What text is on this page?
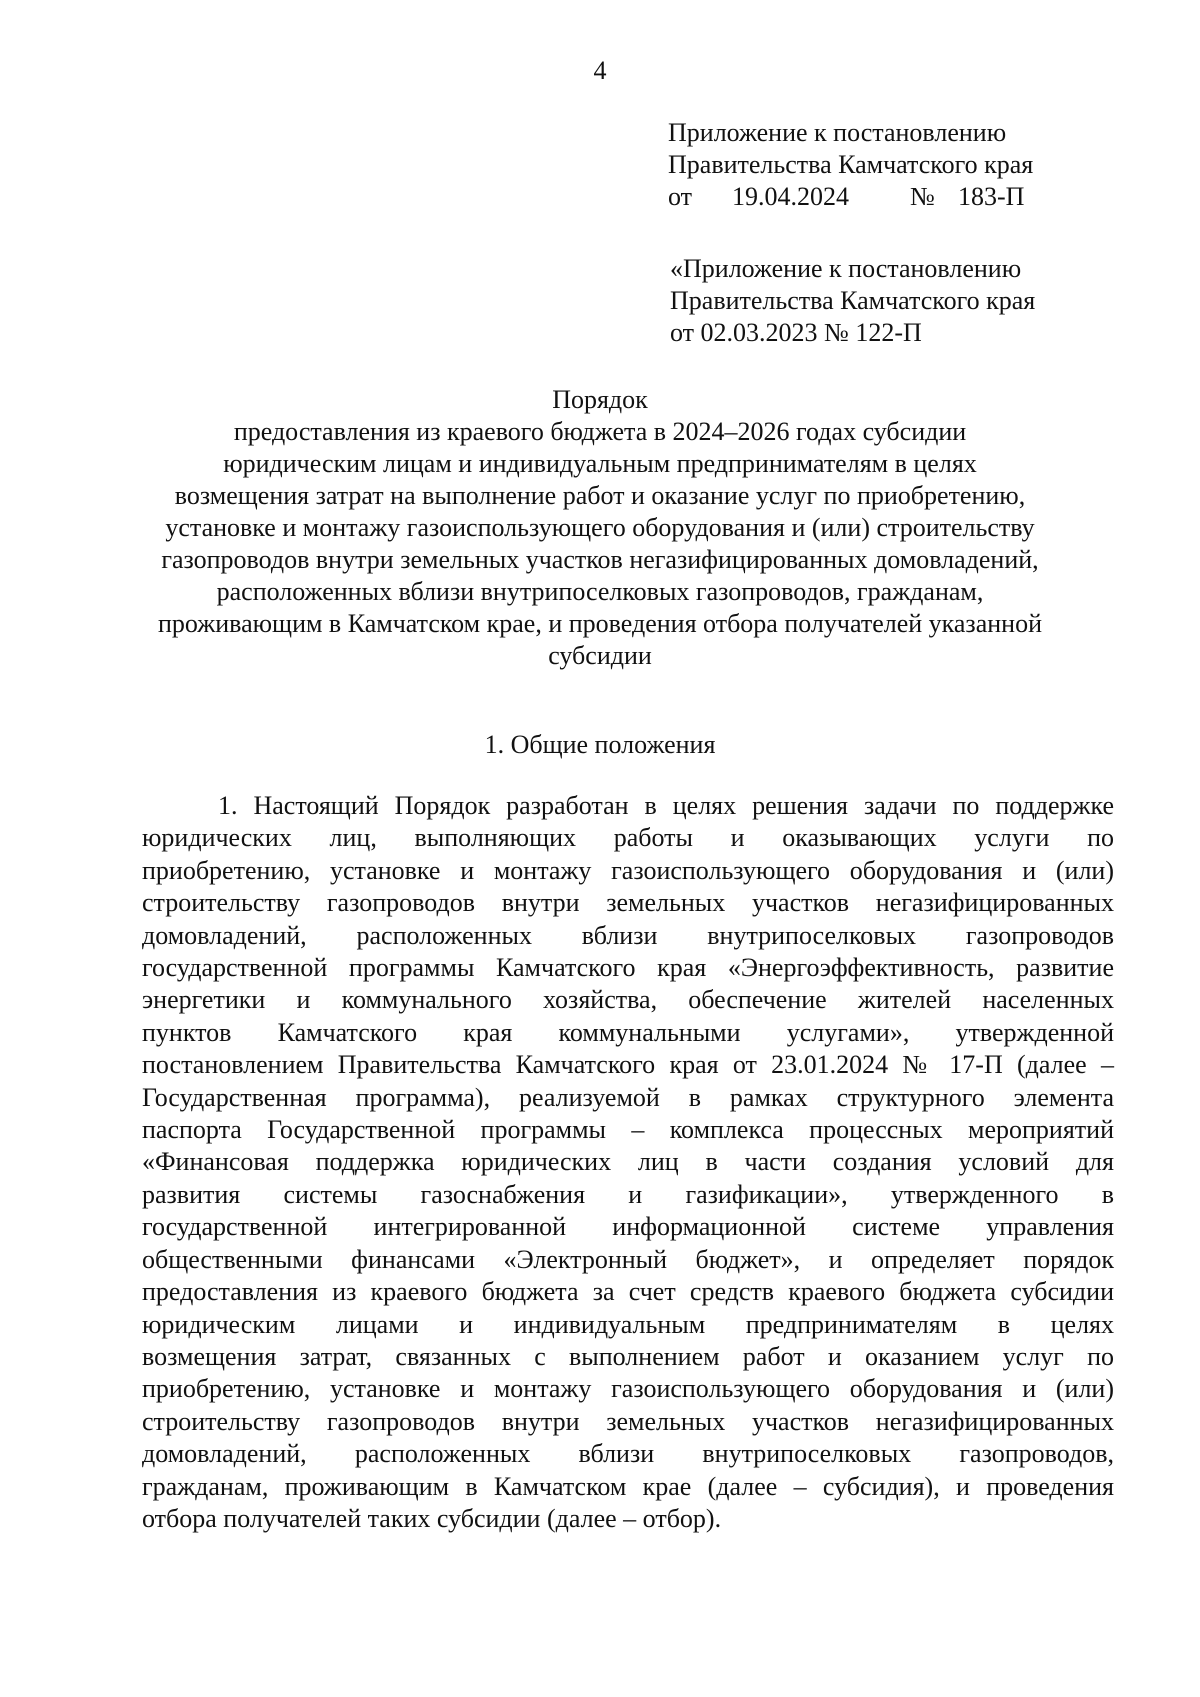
4
Приложение к постановлению
Правительства Камчатского края
от 19.04.2024 № 183-П
«Приложение к постановлению
Правительства Камчатского края
от 02.03.2023 № 122-П
Порядок
предоставления из краевого бюджета в 2024–2026 годах субсидии
юридическим лицам и индивидуальным предпринимателям в целях
возмещения затрат на выполнение работ и оказание услуг по приобретению,
установке и монтажу газоиспользующего оборудования и (или) строительству
газопроводов внутри земельных участков негазифицированных домовладений,
расположенных вблизи внутрипоселковых газопроводов, гражданам,
проживающим в Камчатском крае, и проведения отбора получателей указанной
субсидии
1. Общие положения
1. Настоящий Порядок разработан в целях решения задачи по поддержке
юридических лиц, выполняющих работы и оказывающих услуги по
приобретению, установке и монтажу газоиспользующего оборудования и (или)
строительству газопроводов внутри земельных участков негазифицированных
домовладений, расположенных вблизи внутрипоселковых газопроводов
государственной программы Камчатского края «Энергоэффективность, развитие
энергетики и коммунального хозяйства, обеспечение жителей населенных
пунктов Камчатского края коммунальными услугами», утвержденной
постановлением Правительства Камчатского края от 23.01.2024 № 17-П (далее –
Государственная программа), реализуемой в рамках структурного элемента
паспорта Государственной программы – комплекса процессных мероприятий
«Финансовая поддержка юридических лиц в части создания условий для
развития системы газоснабжения и газификации», утвержденного в
государственной интегрированной информационной системе управления
общественными финансами «Электронный бюджет», и определяет порядок
предоставления из краевого бюджета за счет средств краевого бюджета субсидии
юридическим лицами и индивидуальным предпринимателям в целях
возмещения затрат, связанных с выполнением работ и оказанием услуг по
приобретению, установке и монтажу газоиспользующего оборудования и (или)
строительству газопроводов внутри земельных участков негазифицированных
домовладений, расположенных вблизи внутрипоселковых газопроводов,
гражданам, проживающим в Камчатском крае (далее – субсидия), и проведения
отбора получателей таких субсидии (далее – отбор).
